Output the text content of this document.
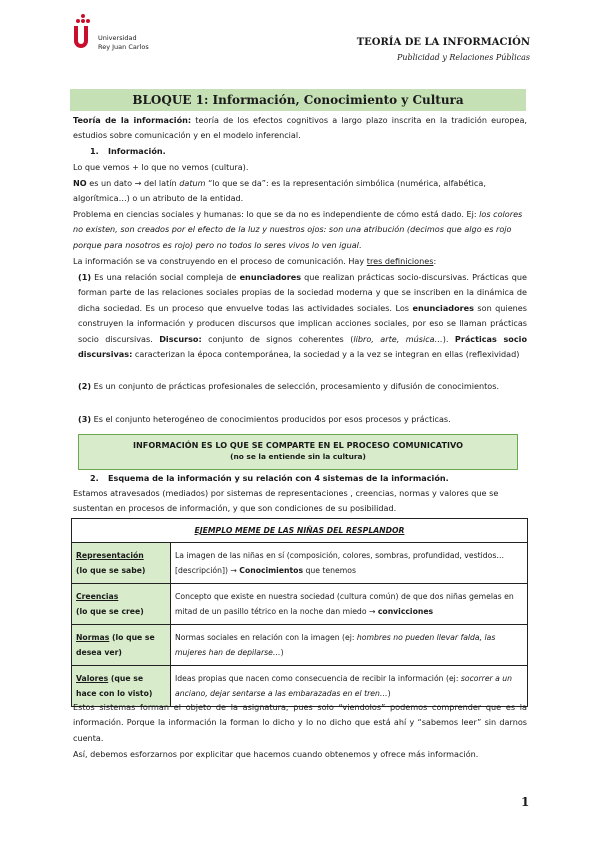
Universidad
Rey Juan Carlos	TEORÍA DE LA INFORMACIÓN
Publicidad y Relaciones Públicas
BLOQUE 1: Información, Conocimiento y Cultura
Teoría de la información: teoría de los efectos cognitivos a largo plazo inscrita en la tradición europea, estudios sobre comunicación y en el modelo inferencial.
1. Información.
Lo que vemos + lo que no vemos (cultura).
NO es un dato → del latín datum “lo que se da”: es la representación simbólica (numérica, alfabética, algorítmica…) o un atributo de la entidad.
Problema en ciencias sociales y humanas: lo que se da no es independiente de cómo está dado. Ej: los colores no existen, son creados por el efecto de la luz y nuestros ojos: son una atribución (decimos que algo es rojo porque para nosotros es rojo) pero no todos lo seres vivos lo ven igual.
La información se va construyendo en el proceso de comunicación. Hay tres definiciones:
(1) Es una relación social compleja de enunciadores que realizan prácticas socio-discursivas. Prácticas que forman parte de las relaciones sociales propias de la sociedad moderna y que se inscriben en la dinámica de dicha sociedad. Es un proceso que envuelve todas las actividades sociales. Los enunciadores son quienes construyen la información y producen discursos que implican acciones sociales, por eso se llaman prácticas socio discursivas. Discurso: conjunto de signos coherentes (libro, arte, música…). Prácticas socio discursivas: caracterizan la época contemporánea, la sociedad y a la vez se integran en ellas (reflexividad)
(2) Es un conjunto de prácticas profesionales de selección, procesamiento y difusión de conocimientos.
(3) Es el conjunto heterogéneo de conocimientos producidos por esos procesos y prácticas.
INFORMACIÓN ES LO QUE SE COMPARTE EN EL PROCESO COMUNICATIVO
(no se la entiende sin la cultura)
2. Esquema de la información y su relación con 4 sistemas de la información.
Estamos atravesados (mediados) por sistemas de representaciones , creencias, normas y valores que se sustentan en procesos de información, y que son condiciones de su posibilidad.
EJEMPLO MEME DE LAS NIÑAS DEL RESPLANDOR	
Representación
(lo que se sabe)	La imagen de las niñas en sí (composición, colores, sombras, profundidad, vestidos… [descripción]) → Conocimientos que tenemos
Creencias
(lo que se cree)	Concepto que existe en nuestra sociedad (cultura común) de que dos niñas gemelas en mitad de un pasillo tétrico en la noche dan miedo → convicciones
Normas (lo que se desea ver)	Normas sociales en relación con la imagen (ej: hombres no pueden llevar falda, las mujeres han de depilarse…)
Valores (que se hace con lo visto)	Ideas propias que nacen como consecuencia de recibir la información (ej: socorrer a un anciano, dejar sentarse a las embarazadas en el tren…)
Estos sistemas forman el objeto de la asignatura, pues solo “viendolos” podemos comprender que es la información. Porque la información la forman lo dicho y lo no dicho que está ahí y “sabemos leer” sin darnos cuenta.
Así, debemos esforzarnos por explicitar que hacemos cuando obtenemos y ofrece más información.
1
